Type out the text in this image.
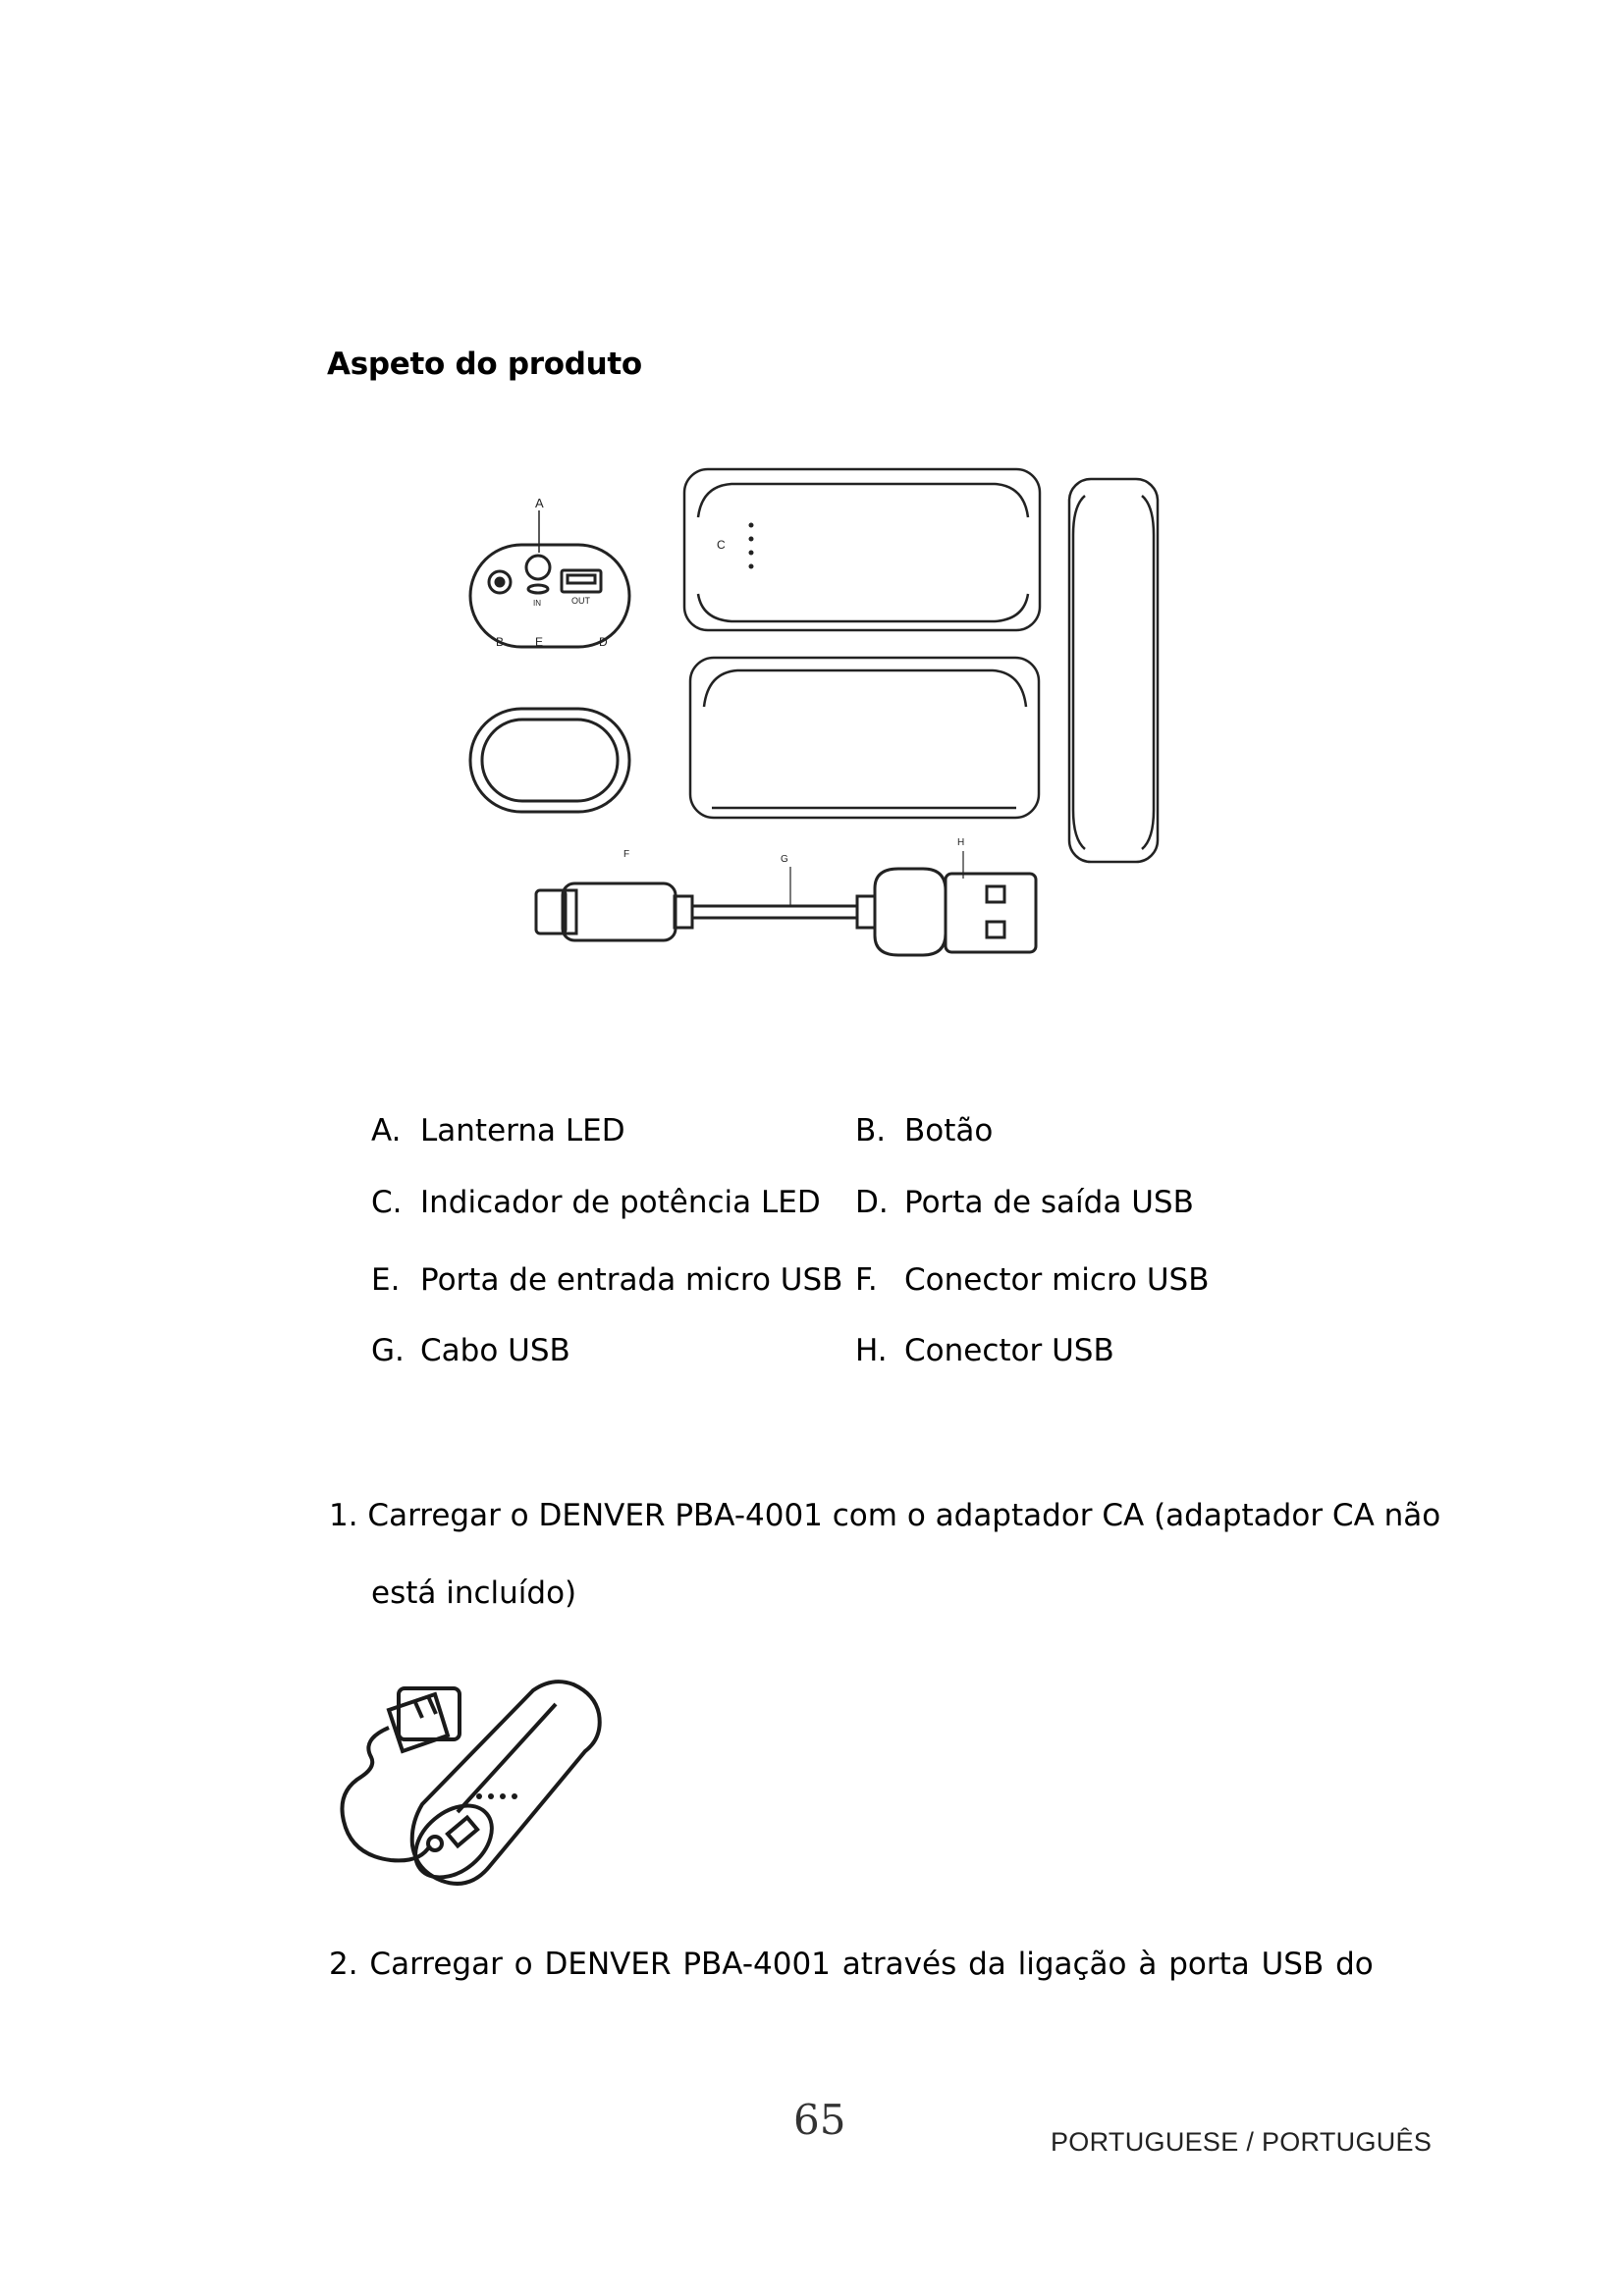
Aspeto do produto
A
IN	OUT
B	E	D
C
F	G
H
A. Lanterna LED	B. Botão
C. Indicador de potência LED D. Porta de saída USB
E. Porta de entrada micro USB F. Conector micro USB
G. Cabo USB	H. Conector USB
1. Carregar o DENVER PBA-4001 com o adaptador CA (adaptador CA não
está incluído)
2. Carregar o DENVER PBA-4001 através da ligação à porta USB do
65	PORTUGUESE / PORTUGUÊS
